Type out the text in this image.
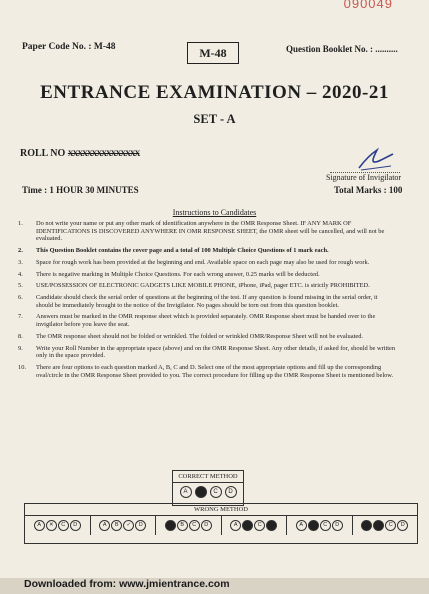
090049
Paper Code No. : M-48	M-48	Question Booklet No. : ..........
ENTRANCE EXAMINATION – 2020-21
SET - A
ROLL NO XXXXXXXXXXXXXXX
Signature of Invigilator
Time : 1 HOUR 30 MINUTES	Total Marks : 100
Instructions to Candidates
1. Do not write your name or put any other mark of identification anywhere in the OMR Response Sheet. IF ANY MARK OF IDENTIFICATIONS IS DISCOVERED ANYWHERE IN OMR RESPONSE SHEET, the OMR sheet will be cancelled, and will not be evaluated.
2. This Question Booklet contains the cover page and a total of 100 Multiple Choice Questions of 1 mark each.
3. Space for rough work has been provided at the beginning and end. Available space on each page may also be used for rough work.
4. There is negative marking in Multiple Choice Questions. For each wrong answer, 0.25 marks will be deducted.
5. USE/POSSESSION OF ELECTRONIC GADGETS LIKE MOBILE PHONE, iPhone, iPad, pager ETC. is strictly PROHIBITED.
6. Candidate should check the serial order of questions at the beginning of the test. If any question is found missing in the serial order, it should be immediately brought to the notice of the Invigilator. No pages should be torn out from this question booklet.
7. Answers must be marked in the OMR response sheet which is provided separately. OMR Response sheet must be handed over to the invigilator before you leave the seat.
8. The OMR response sheet should not be folded or wrinkled. The folded or wrinkled OMR/Response Sheet will not be evaluated.
9. Write your Roll Number in the appropriate space (above) and on the OMR Response Sheet. Any other details, if asked for, should be written only in the space provided.
10. There are four options to each question marked A, B, C and D. Select one of the most appropriate options and fill up the corresponding oval/circle in the OMR Response Sheet provided to you. The correct procedure for filling up the OMR Response Sheet is mentioned below.
CORRECT METHOD
A	C	D
WRONG METHOD
A	✕	C	D	A	B	✓	D	B	C	D	A	C	A	C	D	C	D
Downloaded from: www.jmientrance.com
